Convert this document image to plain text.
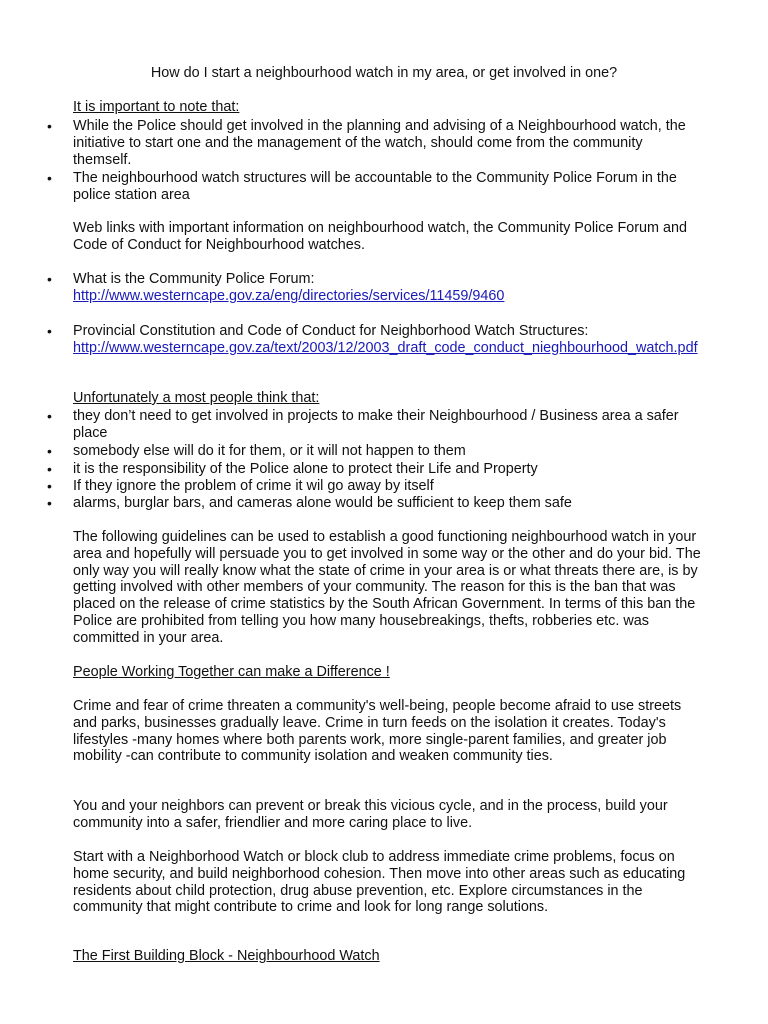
How do I start a neighbourhood watch in my area, or get involved in one?
It is important to note that:
•	While the Police should get involved in the planning and advising of a Neighbourhood watch, the initiative to start one and the management of the watch, should come from the community themself.
•	The neighbourhood watch structures will be accountable to the Community Police Forum in the police station area
Web links with important information on neighbourhood watch, the Community Police Forum and Code of Conduct for Neighbourhood watches.
•	What is the Community Police Forum:
http://www.westerncape.gov.za/eng/directories/services/11459/9460
•	Provincial Constitution and Code of Conduct for Neighborhood Watch Structures:
http://www.westerncape.gov.za/text/2003/12/2003_draft_code_conduct_nieghbourhood_watch.pdf
Unfortunately a most people think that:
•	they don’t need to get involved in projects to make their Neighbourhood / Business area a safer place
•	somebody else will do it for them, or it will not happen to them
•	it is the responsibility of the Police alone to protect their Life and Property
•	If they ignore the problem of crime it wil go away by itself
•	alarms, burglar bars, and cameras alone would be sufficient to keep them safe

The following guidelines can be used to establish a good functioning neighbourhood watch in your area and hopefully will persuade you to get involved in some way or the other and do your bid. The only way you will really know what the state of crime in your area is or what threats there are, is by getting involved with other members of your community. The reason for this is the ban that was placed on the release of crime statistics by the South African Government. In terms of this ban the Police are prohibited from telling you how many housebreakings, thefts, robberies etc. was committed in your area.

People Working Together can make a Difference !

Crime and fear of crime threaten a community's well-being, people become afraid to use streets and parks, businesses gradually leave. Crime in turn feeds on the isolation it creates. Today's lifestyles -many homes where both parents work, more single-parent families, and greater job mobility -can contribute to community isolation and weaken community ties.

You and your neighbors can prevent or break this vicious cycle, and in the process, build your community into a safer, friendlier and more caring place to live.

Start with a Neighborhood Watch or block club to address immediate crime problems, focus on home security, and build neighborhood cohesion. Then move into other areas such as educating residents about child protection, drug abuse prevention, etc. Explore circumstances in the community that might contribute to crime and look for long range solutions.

The First Building Block - Neighbourhood Watch
